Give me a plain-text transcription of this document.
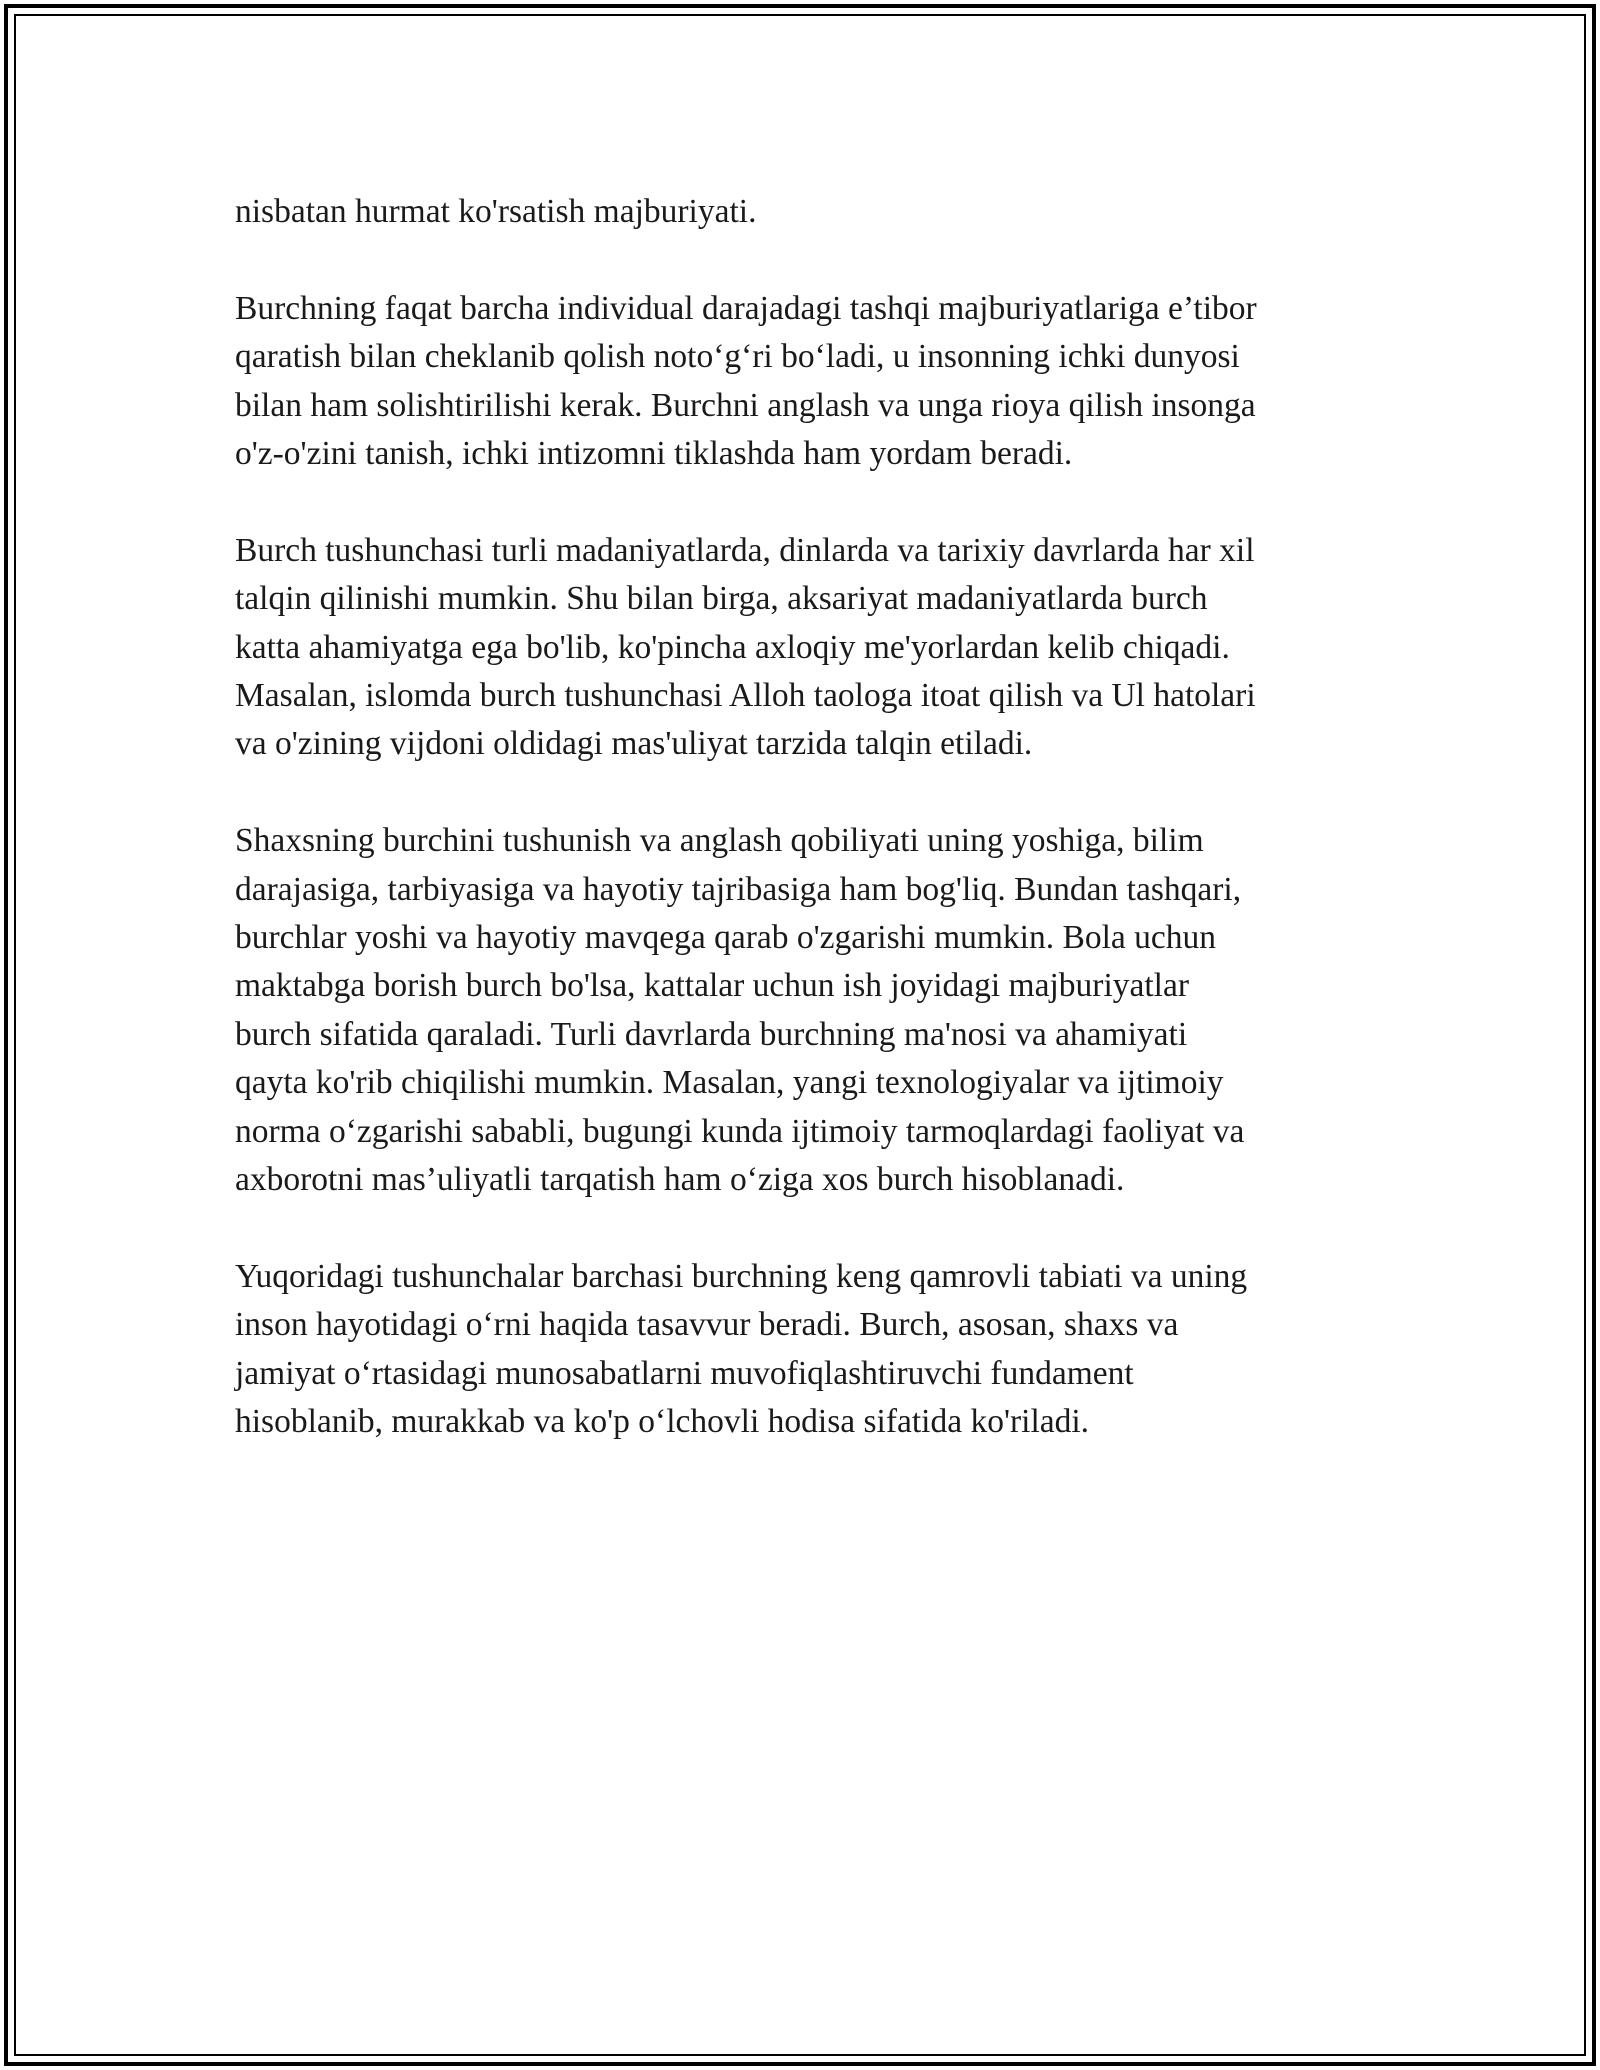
nisbatan hurmat ko'rsatish majburiyati.

Burchning faqat barcha individual darajadagi tashqi majburiyatlariga e’tibor
qaratish bilan cheklanib qolish noto‘g‘ri bo‘ladi, u insonning ichki dunyosi
bilan ham solishtirilishi kerak. Burchni anglash va unga rioya qilish insonga
o'z-o'zini tanish, ichki intizomni tiklashda ham yordam beradi.

Burch tushunchasi turli madaniyatlarda, dinlarda va tarixiy davrlarda har xil
talqin qilinishi mumkin. Shu bilan birga, aksariyat madaniyatlarda burch
katta ahamiyatga ega bo'lib, ko'pincha axloqiy me'yorlardan kelib chiqadi.
Masalan, islomda burch tushunchasi Alloh taologa itoat qilish va Ul hatolari
va o'zining vijdoni oldidagi mas'uliyat tarzida talqin etiladi.

Shaxsning burchini tushunish va anglash qobiliyati uning yoshiga, bilim
darajasiga, tarbiyasiga va hayotiy tajribasiga ham bog'liq. Bundan tashqari,
burchlar yoshi va hayotiy mavqega qarab o'zgarishi mumkin. Bola uchun
maktabga borish burch bo'lsa, kattalar uchun ish joyidagi majburiyatlar
burch sifatida qaraladi. Turli davrlarda burchning ma'nosi va ahamiyati
qayta ko'rib chiqilishi mumkin. Masalan, yangi texnologiyalar va ijtimoiy
norma o‘zgarishi sababli, bugungi kunda ijtimoiy tarmoqlardagi faoliyat va
axborotni mas’uliyatli tarqatish ham o‘ziga xos burch hisoblanadi.

Yuqoridagi tushunchalar barchasi burchning keng qamrovli tabiati va uning
inson hayotidagi o‘rni haqida tasavvur beradi. Burch, asosan, shaxs va
jamiyat o‘rtasidagi munosabatlarni muvofiqlashtiruvchi fundament
hisoblanib, murakkab va ko'p o‘lchovli hodisa sifatida ko'riladi.
